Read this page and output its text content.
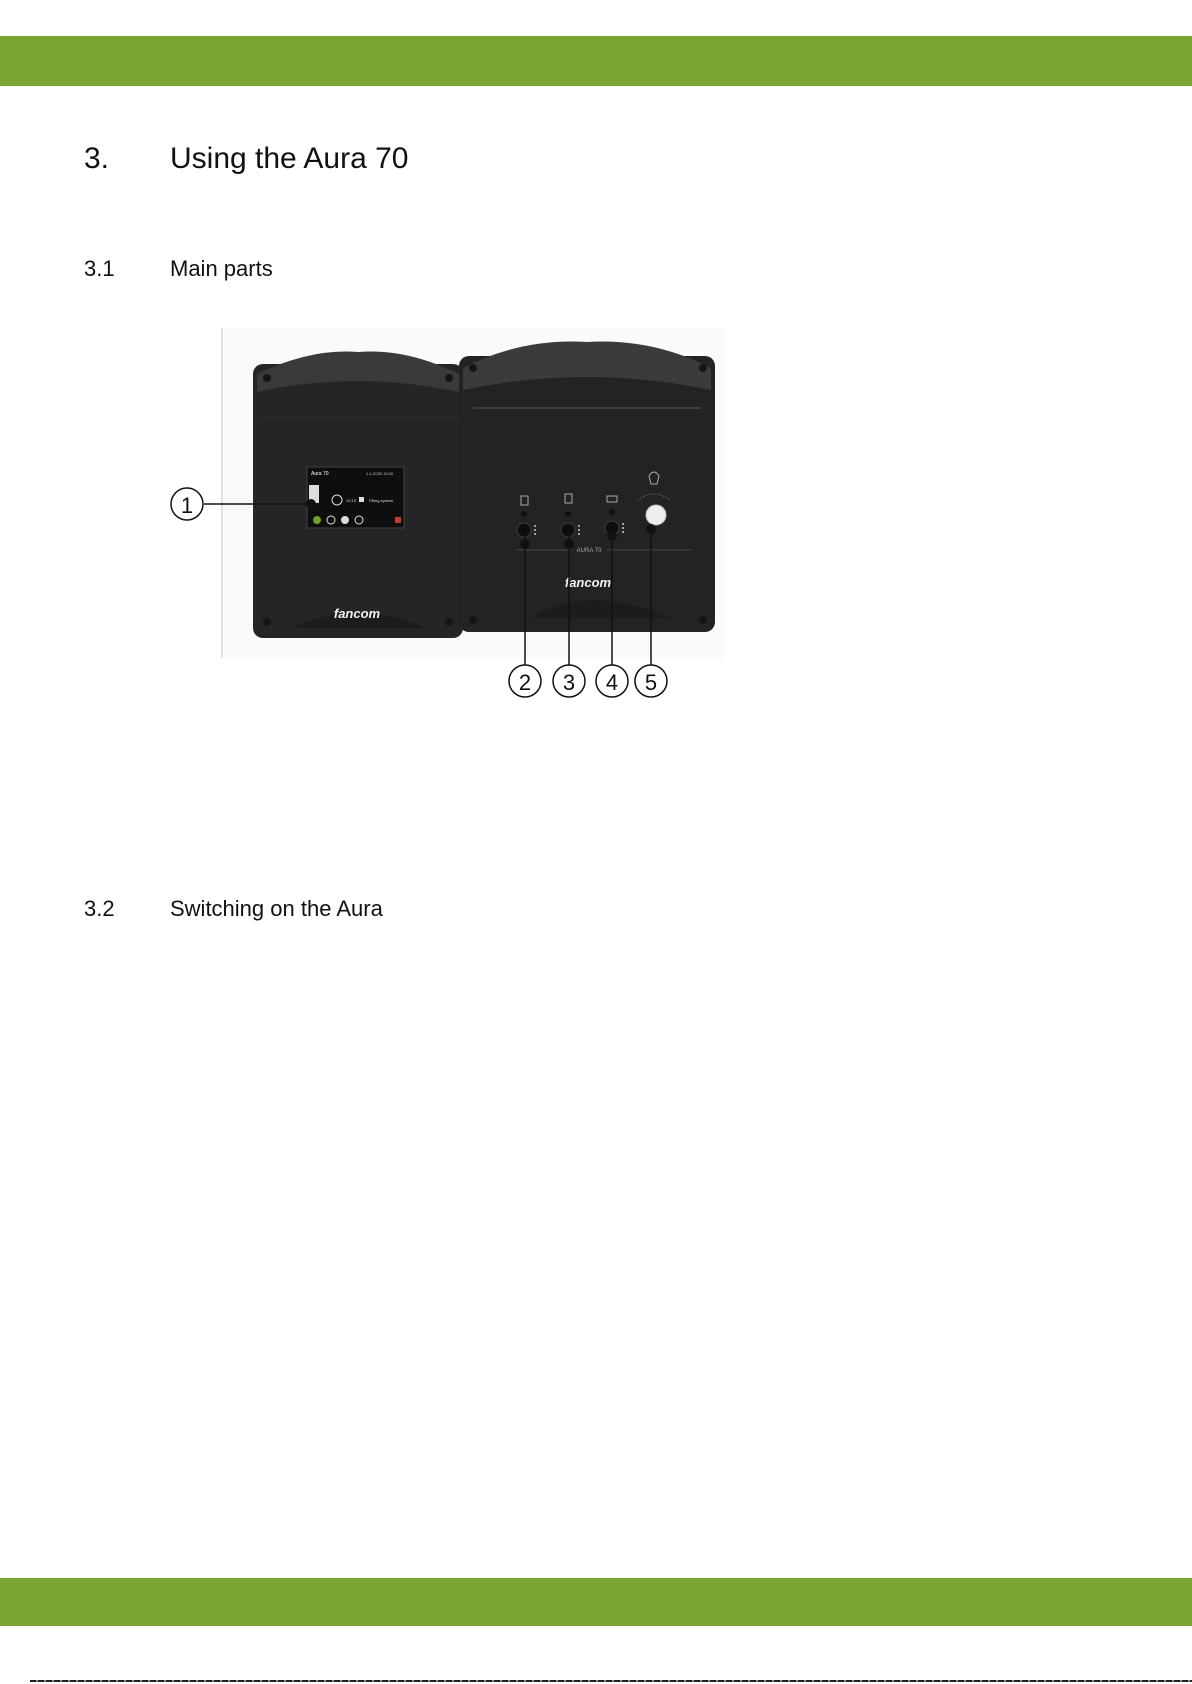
3. Using the Aura 70
3.1	Main parts
AURA 70
Aura 70	1-1-2020 12:00
12:15	Filling system
fancom
fancom
1
2 3 4 5
3.2	Switching on the Aura
